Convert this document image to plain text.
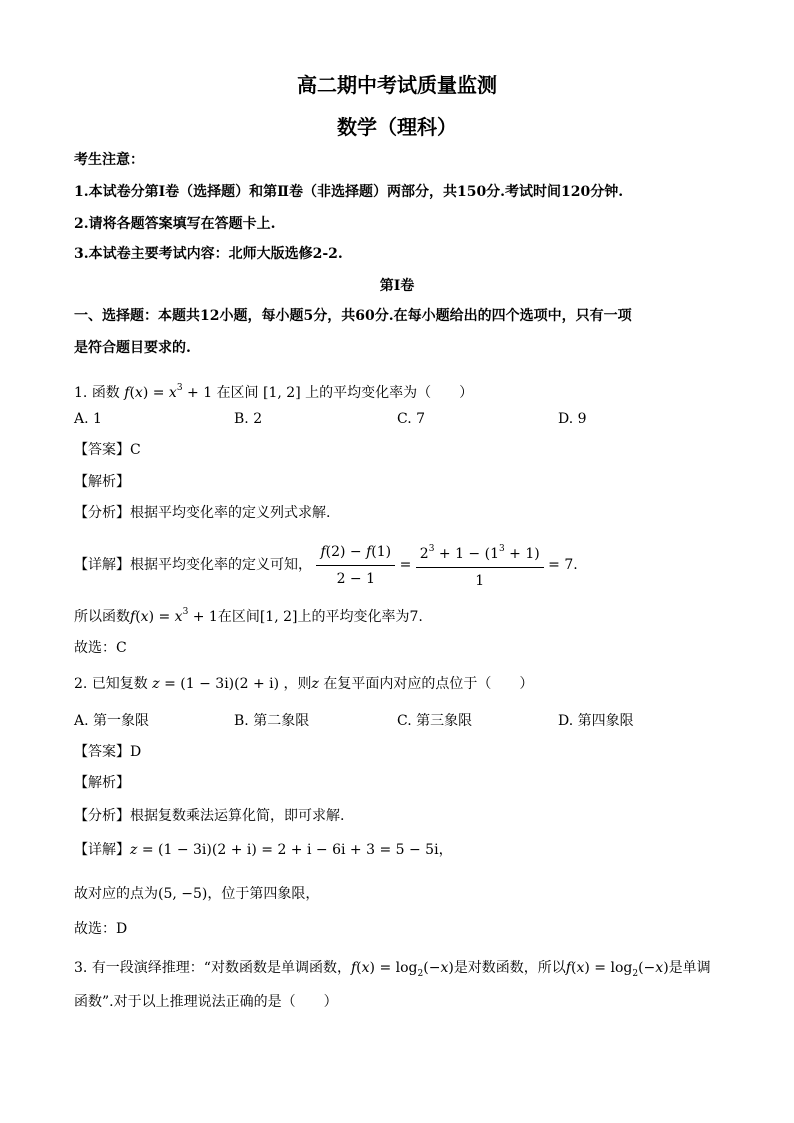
高二期中考试质量监测
数学（理科）
考生注意：
1.本试卷分第Ⅰ卷（选择题）和第Ⅱ卷（非选择题）两部分，共150分.考试时间120分钟.
2.请将各题答案填写在答题卡上.
3.本试卷主要考试内容：北师大版选修2-2.
第Ⅰ卷
一、选择题：本题共12小题，每小题5分，共60分.在每小题给出的四个选项中，只有一项
是符合题目要求的.
1. 函数 $f(x) = x^3 + 1$ 在区间 [1, 2] 上的平均变化率为（　　）
A. 1	B. 2	C. 7	D. 9
【答案】C
【解析】
【分析】根据平均变化率的定义列式求解.
【详解】根据平均变化率的定义可知， $\frac{f(2) - f(1)}{2 - 1} = \frac{2^3 + 1 - (1^3 + 1)}{1} = 7$.
所以函数$f(x) = x^3 + 1$在区间[1, 2]上的平均变化率为7.
故选：C
2. 已知复数 z = (1 − 3i)(2 + i) ，则z 在复平面内对应的点位于（　　）
A. 第一象限	B. 第二象限	C. 第三象限	D. 第四象限
【答案】D
【解析】
【分析】根据复数乘法运算化简，即可求解.
【详解】z = (1 − 3i)(2 + i) = 2 + i − 6i + 3 = 5 − 5i，
故对应的点为(5, −5)，位于第四象限，
故选：D
3. 有一段演绎推理：“对数函数是单调函数，$f(x) = \log_2(-x)$是对数函数，所以$f(x) = \log_2(-x)$是单调
函数”.对于以上推理说法正确的是（　　）
